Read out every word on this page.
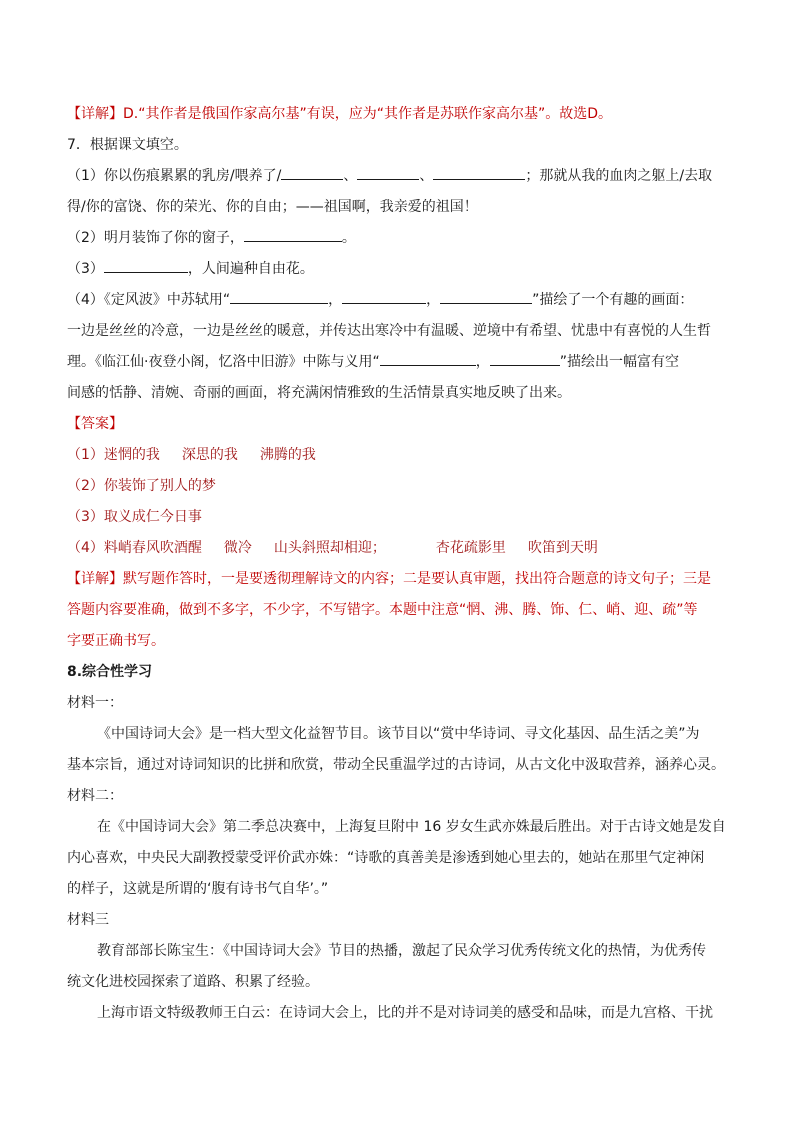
【详解】D.“其作者是俄国作家高尔基”有误，应为“其作者是苏联作家高尔基”。故选D。
7．根据课文填空。
（1）你以伤痕累累的乳房/喂养了/	、	、	；那就从我的血肉之躯上/去取
得/你的富饶、你的荣光、你的自由；——祖国啊，我亲爱的祖国！
（2）明月装饰了你的窗子，	。
（3）	，人间遍种自由花。
（4）《定风波》中苏轼用“	，	，	”描绘了一个有趣的画面：
一边是丝丝的冷意，一边是丝丝的暖意，并传达出寒冷中有温暖、逆境中有希望、忧患中有喜悦的人生哲
理。《临江仙·夜登小阁，忆洛中旧游》中陈与义用“	，	”描绘出一幅富有空
间感的恬静、清婉、奇丽的画面，将充满闲情雅致的生活情景真实地反映了出来。
【答案】
（1）迷惘的我 深思的我 沸腾的我
（2）你装饰了别人的梦
（3）取义成仁今日事
（4）料峭春风吹酒醒 微冷 山头斜照却相迎；	杏花疏影里 吹笛到天明
【详解】默写题作答时，一是要透彻理解诗文的内容；二是要认真审题，找出符合题意的诗文句子；三是
答题内容要准确，做到不多字，不少字，不写错字。本题中注意“惘、沸、腾、饰、仁、峭、迎、疏”等
字要正确书写。
8.综合性学习
材料一：
《中国诗词大会》是一档大型文化益智节目。该节目以“赏中华诗词、寻文化基因、品生活之美”为
基本宗旨，通过对诗词知识的比拼和欣赏，带动全民重温学过的古诗词，从古文化中汲取营养，涵养心灵。
材料二：
在《中国诗词大会》第二季总决赛中，上海复旦附中 16 岁女生武亦姝最后胜出。对于古诗文她是发自
内心喜欢，中央民大副教授蒙受评价武亦姝：“诗歌的真善美是渗透到她心里去的，她站在那里气定神闲
的样子，这就是所谓的‘腹有诗书气自华’。”
材料三
教育部部长陈宝生：《中国诗词大会》节目的热播，激起了民众学习优秀传统文化的热情，为优秀传
统文化进校园探索了道路、积累了经验。
上海市语文特级教师王白云：在诗词大会上，比的并不是对诗词美的感受和品味，而是九宫格、干扰
